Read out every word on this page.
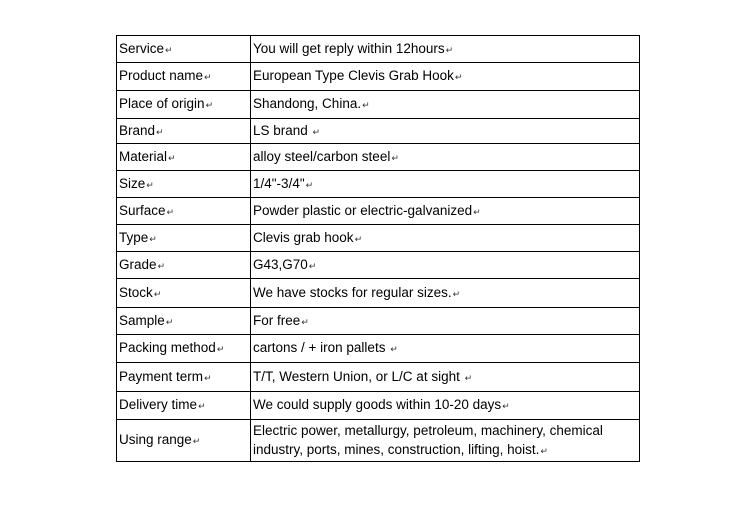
Service↵	You will get reply within 12hours↵
Product name↵	European Type Clevis Grab Hook↵
Place of origin↵	Shandong, China.↵
Brand↵	LS brand ↵
Material↵	alloy steel/carbon steel↵
Size↵	1/4"-3/4"↵
Surface↵	Powder plastic or electric-galvanized↵
Type↵	Clevis grab hook↵
Grade↵	G43,G70↵
Stock↵	We have stocks for regular sizes.↵
Sample↵	For free↵
Packing method↵	cartons / + iron pallets ↵
Payment term↵	T/T, Western Union, or L/C at sight ↵
Delivery time↵	We could supply goods within 10-20 days↵
Using range↵	Electric power, metallurgy, petroleum, machinery, chemical industry, ports, mines, construction, lifting, hoist.↵
